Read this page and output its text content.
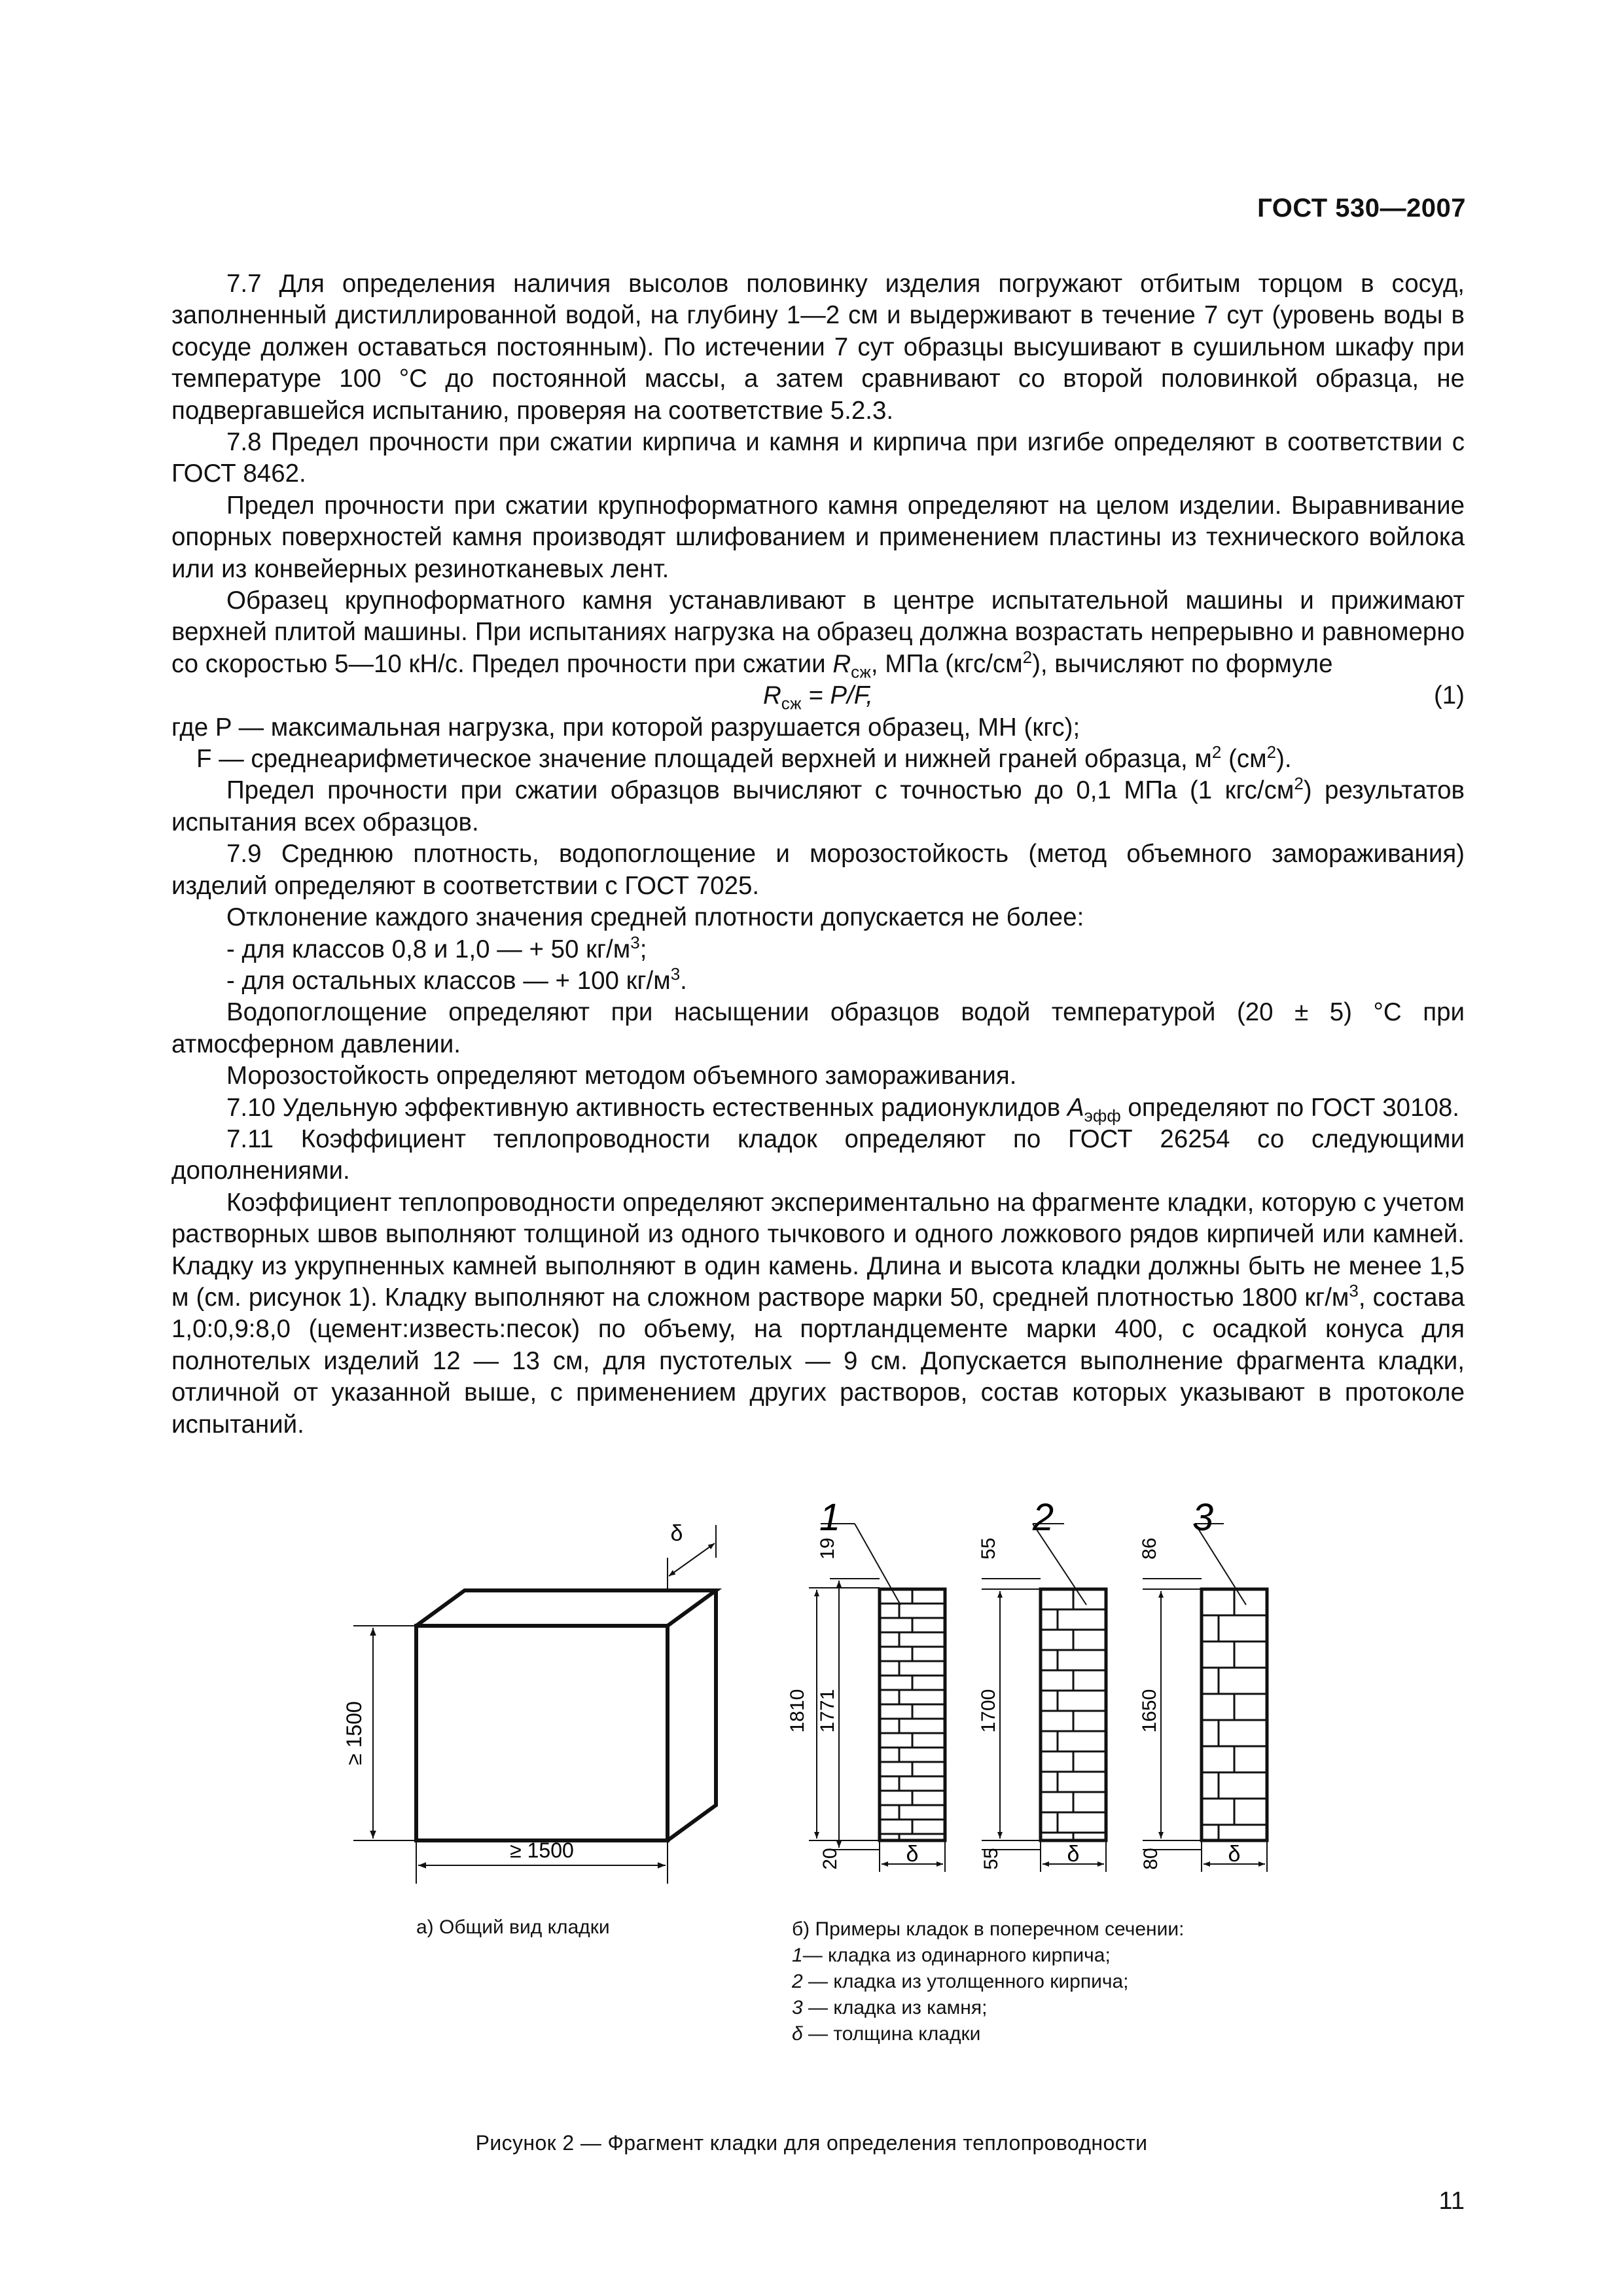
ГОСТ 530—2007

7.7 Для определения наличия высолов половинку изделия погружают отбитым торцом в сосуд, заполненный дистиллированной водой, на глубину 1—2 см и выдерживают в течение 7 сут (уровень воды в сосуде должен оставаться постоянным). По истечении 7 сут образцы высушивают в сушильном шкафу при температуре 100 °С до постоянной массы, а затем сравнивают со второй половинкой образца, не подвергавшейся испытанию, проверяя на соответствие 5.2.3.

7.8 Предел прочности при сжатии кирпича и камня и кирпича при изгибе определяют в соответствии с ГОСТ 8462.

Предел прочности при сжатии крупноформатного камня определяют на целом изделии. Выравнивание опорных поверхностей камня производят шлифованием и применением пластины из технического войлока или из конвейерных резинотканевых лент.

Образец крупноформатного камня устанавливают в центре испытательной машины и прижимают верхней плитой машины. При испытаниях нагрузка на образец должна возрастать непрерывно и равномерно со скоростью 5—10 кН/с. Предел прочности при сжатии $R_{сж}$, МПа $(кгс/см^2)$, вычисляют по формуле

$R_{сж} = P/F$,	(1)

где P — максимальная нагрузка, при которой разрушается образец, МН (кгс);

F — среднеарифметическое значение площадей верхней и нижней граней образца, $м^2$ $(см^2)$.

Предел прочности при сжатии образцов вычисляют с точностью до 0,1 МПа (1 кгс/$см^2$) результатов испытания всех образцов.

7.9 Среднюю плотность, водопоглощение и морозостойкость (метод объемного замораживания) изделий определяют в соответствии с ГОСТ 7025.

Отклонение каждого значения средней плотности допускается не более:

- для классов 0,8 и 1,0 — + 50 $кг/м^3$;

- для остальных классов — + 100 $кг/м^3$.

Водопоглощение определяют при насыщении образцов водой температурой (20 ± 5) °С при атмосферном давлении.

Морозостойкость определяют методом объемного замораживания.

7.10 Удельную эффективную активность естественных радионуклидов $А_{эфф}$ определяют по ГОСТ 30108.

7.11 Коэффициент теплопроводности кладок определяют по ГОСТ 26254 со следующими дополнениями.

Коэффициент теплопроводности определяют экспериментально на фрагменте кладки, которую с учетом растворных швов выполняют толщиной из одного тычкового и одного ложкового рядов кирпичей или камней. Кладку из укрупненных камней выполняют в один камень. Длина и высота кладки должны быть не менее 1,5 м (см. рисунок 1). Кладку выполняют на сложном растворе марки 50, средней плотностью 1800 $кг/м^3$, состава 1,0:0,9:8,0 (цемент:известь:песок) по объему, на портландцементе марки 400, с осадкой конуса для полнотелых изделий 12 — 13 см, для пустотелых — 9 см. Допускается выполнение фрагмента кладки, отличной от указанной выше, с применением других растворов, состав которых указывают в протоколе испытаний.

≥ 1500
≥ 1500
δ	1
19
1810 1771
20	δ
2
55
1700
55	δ
3
86
1650
80	δ
а) Общий вид кладки	б) Примеры кладок в поперечном сечении:
1— кладка из одинарного кирпича;
2 — кладка из утолщенного кирпича;
3 — кладка из камня;
δ — толщина кладки
Рисунок 2 — Фрагмент кладки для определения теплопроводности
11
